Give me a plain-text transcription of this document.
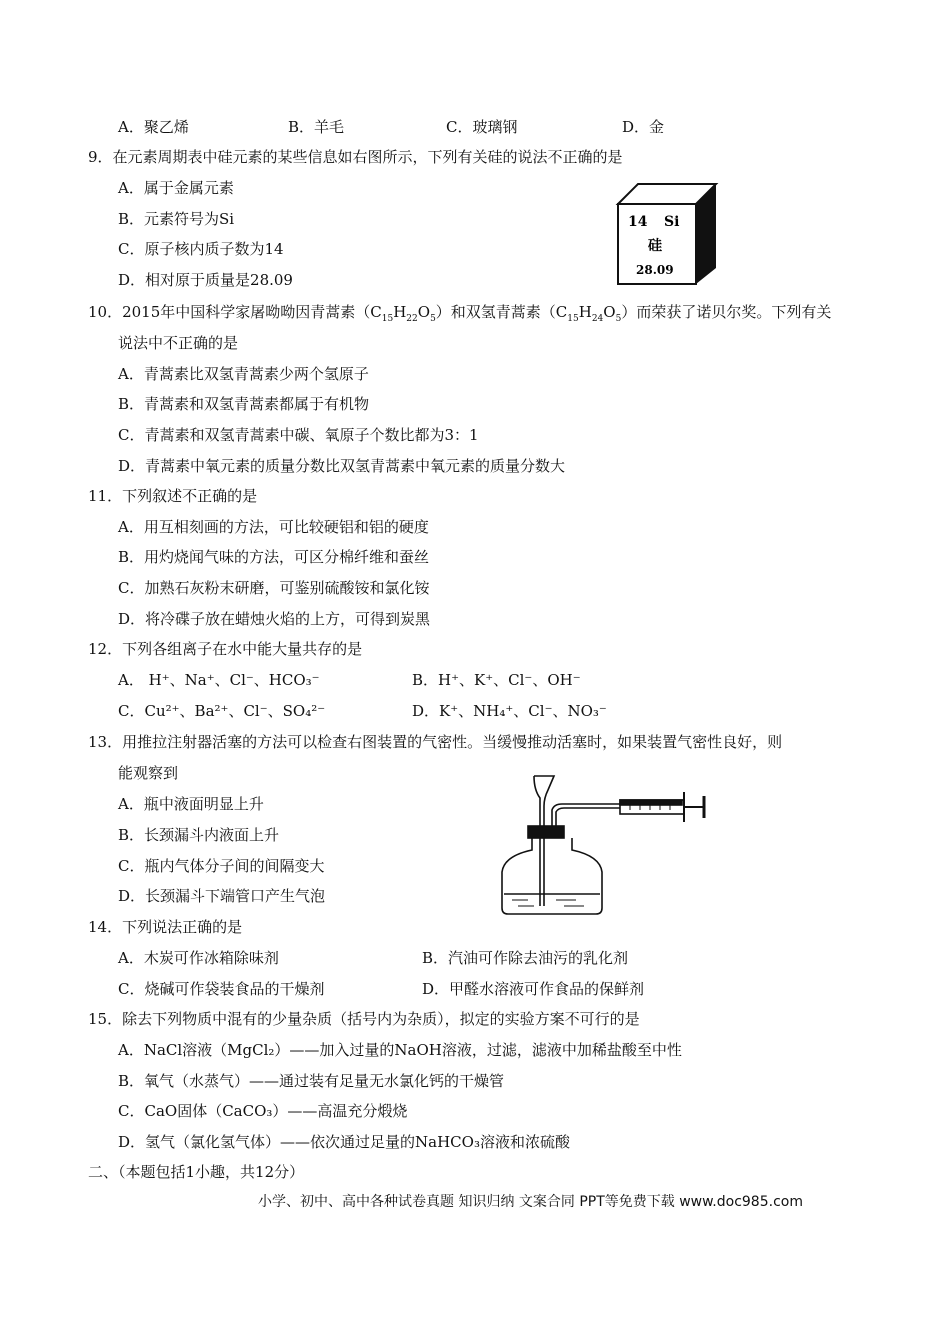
A．聚乙烯	B．羊毛	C．玻璃钢	D．金
9．在元素周期表中硅元素的某些信息如右图所示，下列有关硅的说法不正确的是
A．属于金属元素
B．元素符号为Si
C．原子核内质子数为14
D．相对原于质量是28.09
14 Si
硅
28.09
10．2015年中国科学家屠呦呦因青蒿素$(C_{15}H_{22}O_5)$和双氢青蒿素$(C_{15}H_{24}O_5)$而荣获了诺贝尔奖。下列有关
说法中不正确的是
A．青蒿素比双氢青蒿素少两个氢原子
B．青蒿素和双氢青蒿素都属于有机物
C．青蒿素和双氢青蒿素中碳、氧原子个数比都为3：1
D．青蒿素中氧元素的质量分数比双氢青蒿素中氧元素的质量分数大
11．下列叙述不正确的是
A．用互相刻画的方法，可比较硬铝和铝的硬度
B．用灼烧闻气味的方法，可区分棉纤维和蚕丝
C．加熟石灰粉末研磨，可鉴别硫酸铵和氯化铵
D．将冷碟子放在蜡烛火焰的上方，可得到炭黑
12．下列各组离子在水中能大量共存的是
A． H⁺、Na⁺、Cl⁻、HCO₃⁻	B．H⁺、K⁺、Cl⁻、OH⁻
C．Cu²⁺、Ba²⁺、Cl⁻、SO₄²⁻	D．K⁺、NH₄⁺、Cl⁻、NO₃⁻
13．用推拉注射器活塞的方法可以检查右图装置的气密性。当缓慢推动活塞时，如果装置气密性良好，则
能观察到
A．瓶中液面明显上升
B．长颈漏斗内液面上升
C．瓶内气体分子间的间隔变大
D．长颈漏斗下端管口产生气泡
14．下列说法正确的是
A．木炭可作冰箱除味剂	B．汽油可作除去油污的乳化剂
C．烧碱可作袋装食品的干燥剂	D．甲醛水溶液可作食品的保鲜剂
15．除去下列物质中混有的少量杂质（括号内为杂质），拟定的实验方案不可行的是
A．NaCl溶液（MgCl₂）——加入过量的NaOH溶液，过滤，滤液中加稀盐酸至中性
B．氧气（水蒸气）——通过装有足量无水氯化钙的干燥管
C．CaO固体（CaCO₃）——高温充分煅烧
D．氢气（氯化氢气体）——依次通过足量的NaHCO₃溶液和浓硫酸
二、（本题包括1小趣，共12分）
小学、初中、高中各种试卷真题 知识归纳 文案合同 PPT等免费下载 www.doc985.com
